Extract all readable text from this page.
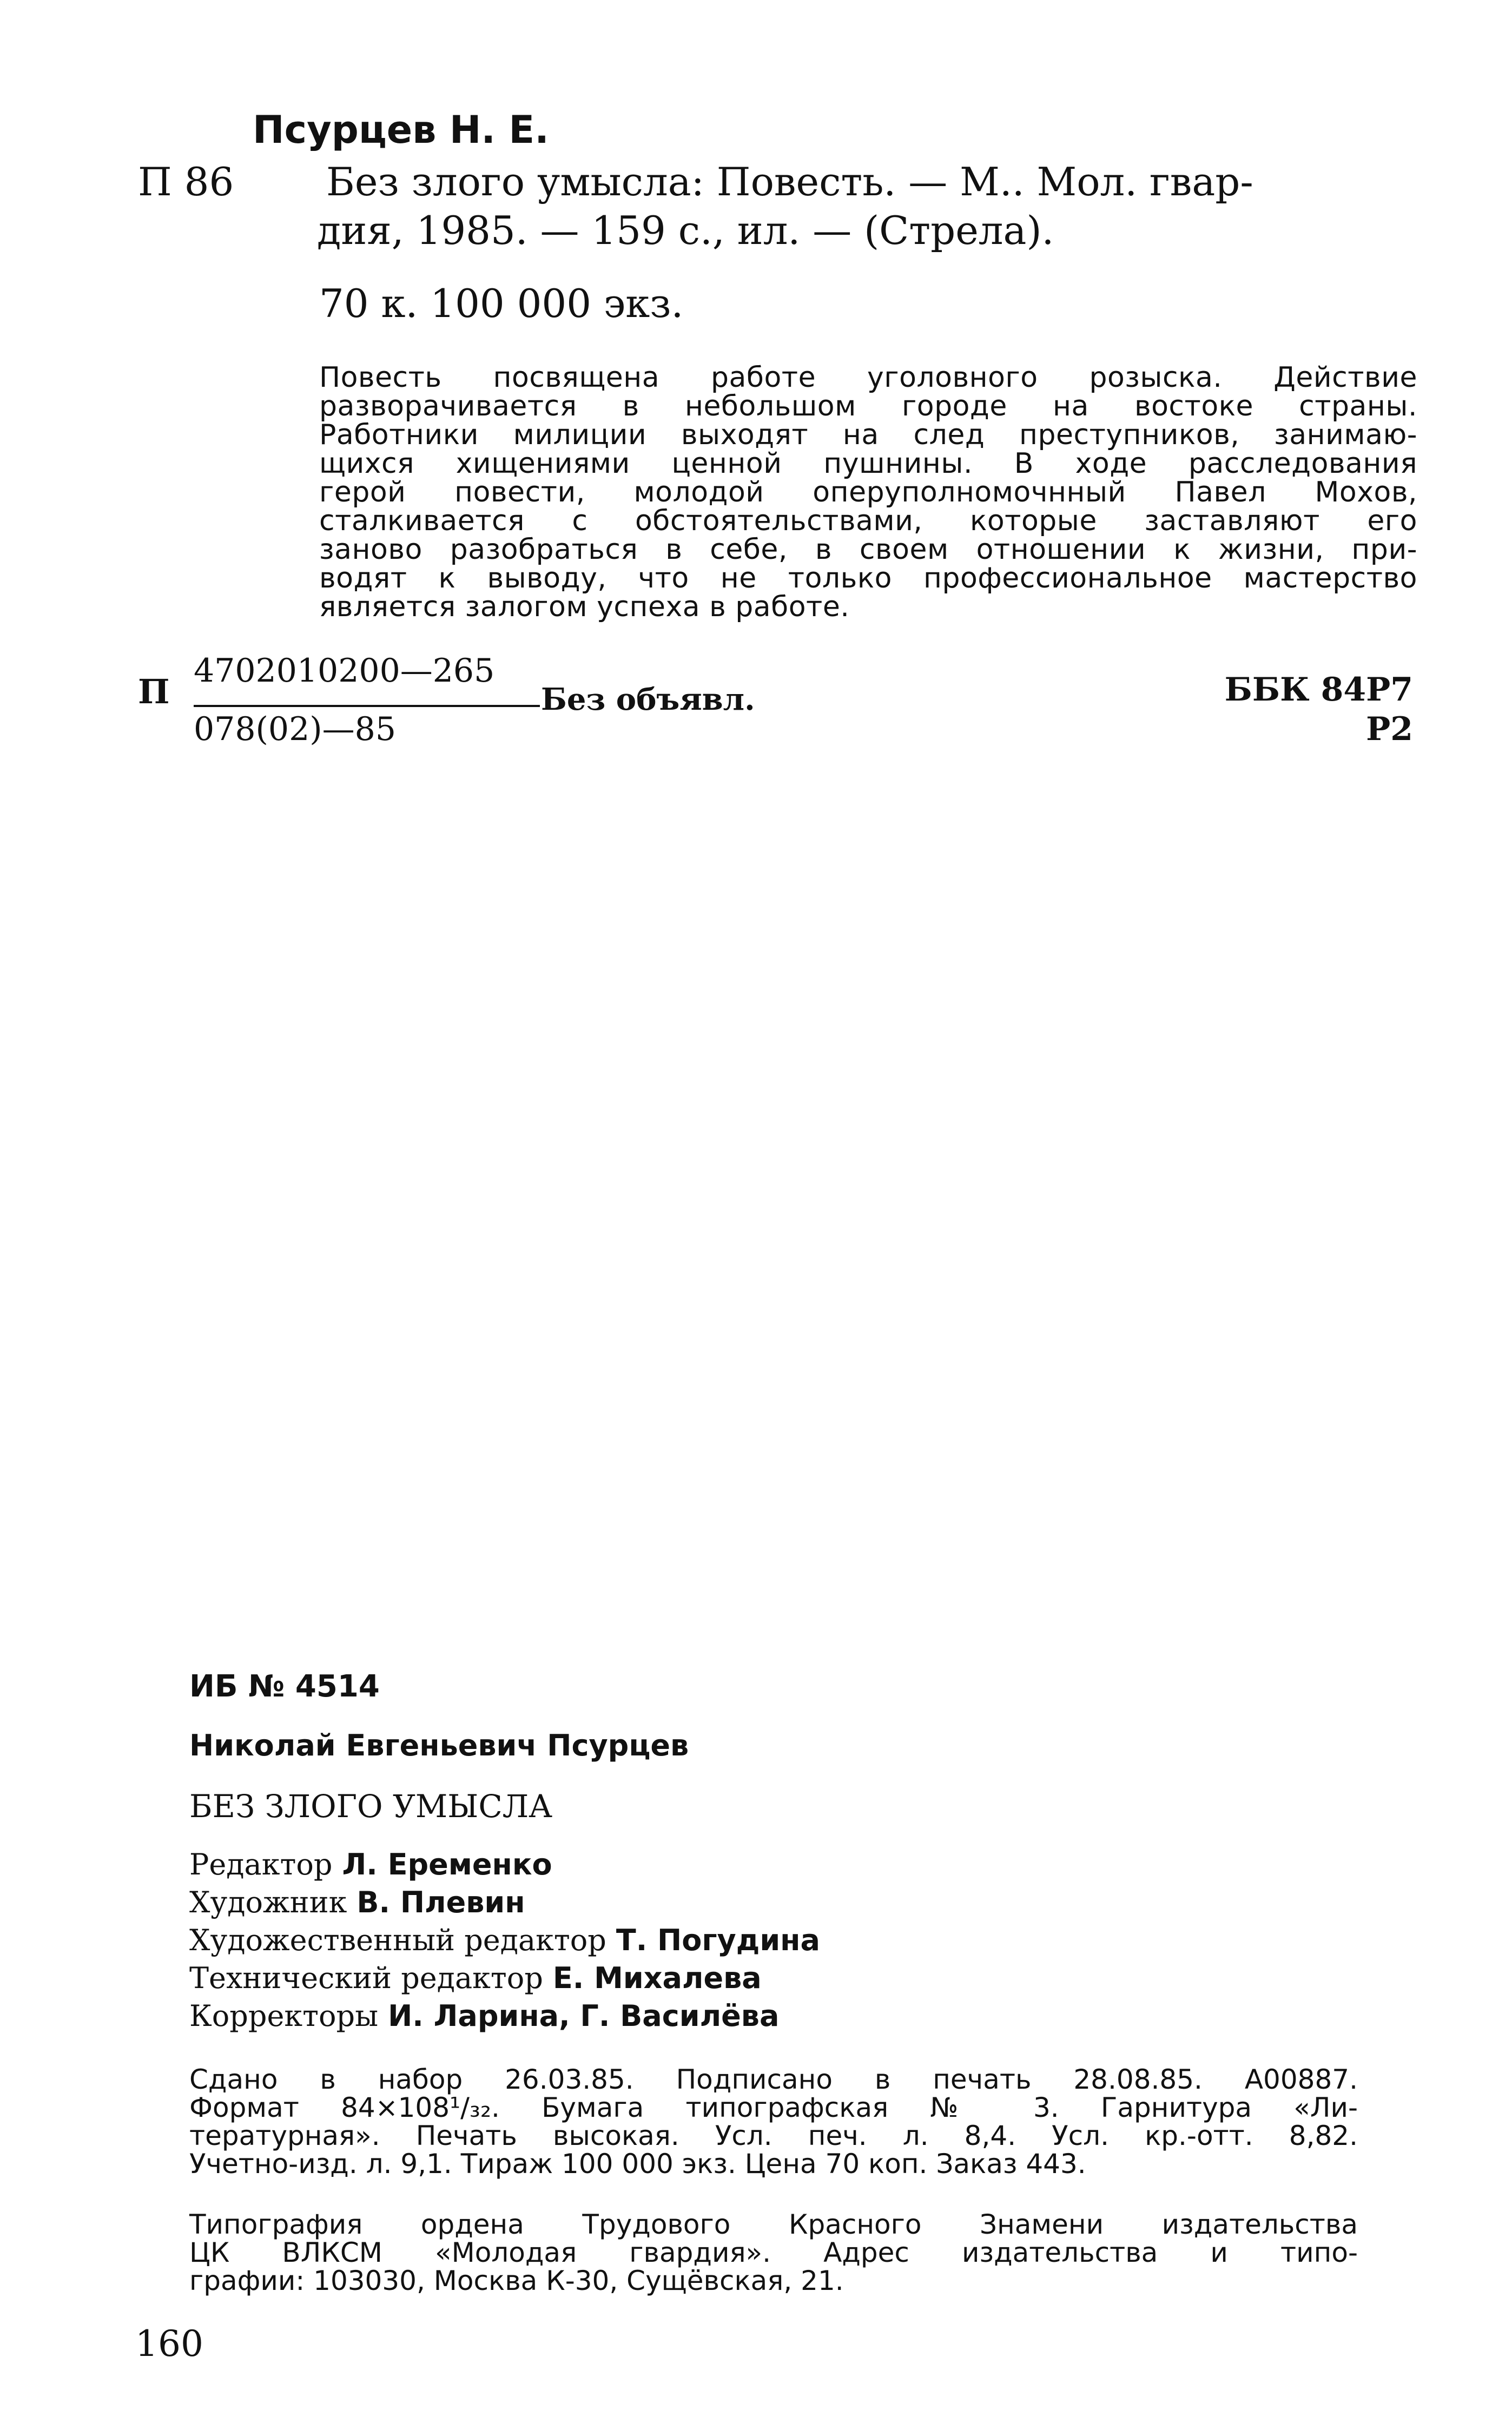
Псурцев Н. Е.
П 86 Без злого умысла: Повесть. — М.. Мол. гвар-
дия, 1985. — 159 с., ил. — (Стрела).
70 к. 100 000 экз.
Повесть посвящена работе уголовного розыска. Действие
разворачивается в небольшом городе на востоке страны.
Работники милиции выходят на след преступников, занимаю-
щихся хищениями ценной пушнины. В ходе расследования
герой повести, молодой оперуполномочнный Павел Мохов,
сталкивается с обстоятельствами, которые заставляют его
заново разобраться в себе, в своем отношении к жизни, при-
водят к выводу, что не только профессиональное мастерство
является залогом успеха в работе.
П
4702010200—265
078(02)—85
Без объявл.	ББК 84Р7
Р2
ИБ № 4514
Николай Евгеньевич Псурцев
БЕЗ ЗЛОГО УМЫСЛА
Редактор Л. Еременко
Художник В. Плевин
Художественный редактор Т. Погудина
Технический редактор Е. Михалева
Корректоры И. Ларина, Г. Василёва
Сдано в набор 26.03.85. Подписано в печать 28.08.85. А00887.
Формат 84×108¹/₃₂. Бумага типографская № 3. Гарнитура «Ли-
тературная». Печать высокая. Усл. печ. л. 8,4. Усл. кр.-отт. 8,82.
Учетно-изд. л. 9,1. Тираж 100 000 экз. Цена 70 коп. Заказ 443.
Типография ордена Трудового Красного Знамени издательства
ЦК ВЛКСМ «Молодая гвардия». Адрес издательства и типо-
графии: 103030, Москва К-30, Сущёвская, 21.
160
